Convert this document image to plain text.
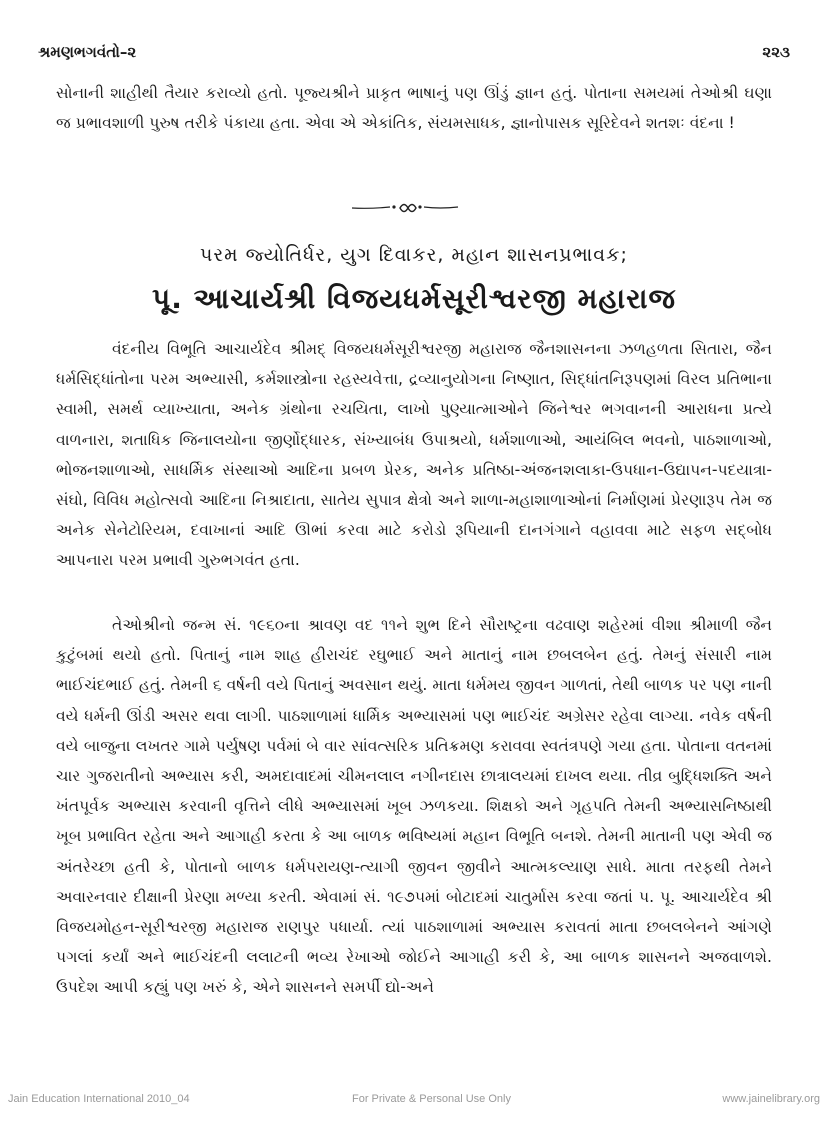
શ્રમણભગવંતો–૨	૨૨૩

સોનાની શાહીથી તૈયાર કરાવ્યો હતો. પૂજ્યશ્રીને પ્રાકૃત ભાષાનું પણ ઊંડું જ્ઞાન હતું. પોતાના સમયમાં તેઓશ્રી ઘણા જ પ્રભાવશાળી પુરુષ તરીકે પંકાયા હતા. એવા એ એકાંતિક, સંયમસાધક, જ્ઞાનોપાસક સૂરિદેવને શતશઃ વંદના !

પરમ જ્યોતિર્ધર, યુગ દિવાકર, મહાન શાસનપ્રભાવક;
પૂ. આચાર્યશ્રી વિજયધર્મસૂરીશ્વરજી મહારાજ

વંદનીય વિભૂતિ આચાર્યદેવ શ્રીમદ્ વિજયધર્મસૂરીશ્વરજી મહારાજ જૈનશાસનના ઝળહળતા સિતારા, જૈન ધર્મસિદ્ધાંતોના પરમ અભ્યાસી, કર્મશાસ્ત્રોના રહસ્યવેત્તા, દ્રવ્યાનુયોગના નિષ્ણાત, સિદ્ધાંતનિરૂપણમાં વિરલ પ્રતિભાના સ્વામી, સમર્થ વ્યાખ્યાતા, અનેક ગ્રંથોના રચયિતા, લાખો પુણ્યાત્માઓને જિનેશ્વર ભગવાનની આરાધના પ્રત્યે વાળનારા, શતાધિક જિનાલયોના જીર્ણોદ્ધારક, સંખ્યાબંધ ઉપાશ્રયો, ધર્મશાળાઓ, આયંબિલ ભવનો, પાઠશાળાઓ, ભોજનશાળાઓ, સાધર્મિક સંસ્થાઓ આદિના પ્રબળ પ્રેરક, અનેક પ્રતિષ્ઠા-અંજનશલાકા-ઉપધાન-ઉદ્યાપન-પદયાત્રા-સંઘો, વિવિધ મહોત્સવો આદિના નિશ્રાદાતા, સાતેય સુપાત્ર ક્ષેત્રો અને શાળા-મહાશાળાઓનાં નિર્માણમાં પ્રેરણારૂપ તેમ જ અનેક સેનેટોરિયમ, દવાખાનાં આદિ ઊભાં કરવા માટે કરોડો રૂપિયાની દાનગંગાને વહાવવા માટે સફળ સદ્બોધ આપનારા પરમ પ્રભાવી ગુરુભગવંત હતા.

તેઓશ્રીનો જન્મ સં. ૧૯૬૦ના શ્રાવણ વદ ૧૧ને શુભ દિને સૌરાષ્ટ્રના વઢવાણ શહેરમાં વીશા શ્રીમાળી જૈન કુટુંબમાં થયો હતો. પિતાનું નામ શાહ હીરાચંદ રઘુભાઈ અને માતાનું નામ છબલબેન હતું. તેમનું સંસારી નામ ભાઈચંદભાઈ હતું. તેમની ૬ વર્ષની વયે પિતાનું અવસાન થયું. માતા ધર્મમય જીવન ગાળતાં, તેથી બાળક પર પણ નાની વયે ધર્મની ઊંડી અસર થવા લાગી. પાઠશાળામાં ધાર્મિક અભ્યાસમાં પણ ભાઈચંદ અગ્રેસર રહેવા લાગ્યા. નવેક વર્ષની વયે બાજુના લખતર ગામે પર્યુષણ પર્વમાં બે વાર સાંવત્સરિક પ્રતિક્રમણ કરાવવા સ્વતંત્રપણે ગયા હતા. પોતાના વતનમાં ચાર ગુજરાતીનો અભ્યાસ કરી, અમદાવાદમાં ચીમનલાલ નગીનદાસ છાત્રાલયમાં દાખલ થયા. તીવ્ર બુદ્ધિશક્તિ અને ખંતપૂર્વક અભ્યાસ કરવાની વૃત્તિને લીધે અભ્યાસમાં ખૂબ ઝળકયા. શિક્ષકો અને ગૃહપતિ તેમની અભ્યાસનિષ્ઠાથી ખૂબ પ્રભાવિત રહેતા અને આગાહી કરતા કે આ બાળક ભવિષ્યમાં મહાન વિભૂતિ બનશે. તેમની માતાની પણ એવી જ અંતરેચ્છા હતી કે, પોતાનો બાળક ધર્મપરાયણ-ત્યાગી જીવન જીવીને આત્મકલ્યાણ સાધે. માતા તરફથી તેમને અવારનવાર દીક્ષાની પ્રેરણા મળ્યા કરતી. એવામાં સં. ૧૯૭૫માં બોટાદમાં ચાતુર્માસ કરવા જતાં પ. પૂ. આચાર્યદેવ શ્રી વિજયમોહન-સૂરીશ્વરજી મહારાજ રાણપુર પધાર્યા. ત્યાં પાઠશાળામાં અભ્યાસ કરાવતાં માતા છબલબેનને આંગણે પગલાં કર્યાં અને ભાઈચંદની લલાટની ભવ્ય રેખાઓ જોઈને આગાહી કરી કે, આ બાળક શાસનને અજવાળશે. ઉપદેશ આપી કહ્યું પણ ખરું કે, એને શાસનને સમર્પી દ્યો-અને

Jain Education International 2010_04	For Private & Personal Use Only	www.jainelibrary.org
